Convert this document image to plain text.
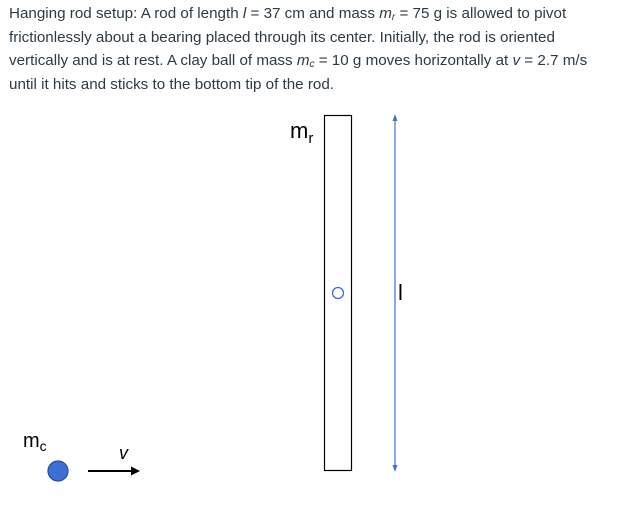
Hanging rod setup: A rod of length l = 37 cm and mass $m_r = 75$ g is allowed to pivot frictionlessly about a bearing placed through its center. Initially, the rod is oriented vertically and is at rest. A clay ball of mass $m_c = 10$ g moves horizontally at v = 2.7 m/s until it hits and sticks to the bottom tip of the rod.

$m_r$
l
$m_c$	v
